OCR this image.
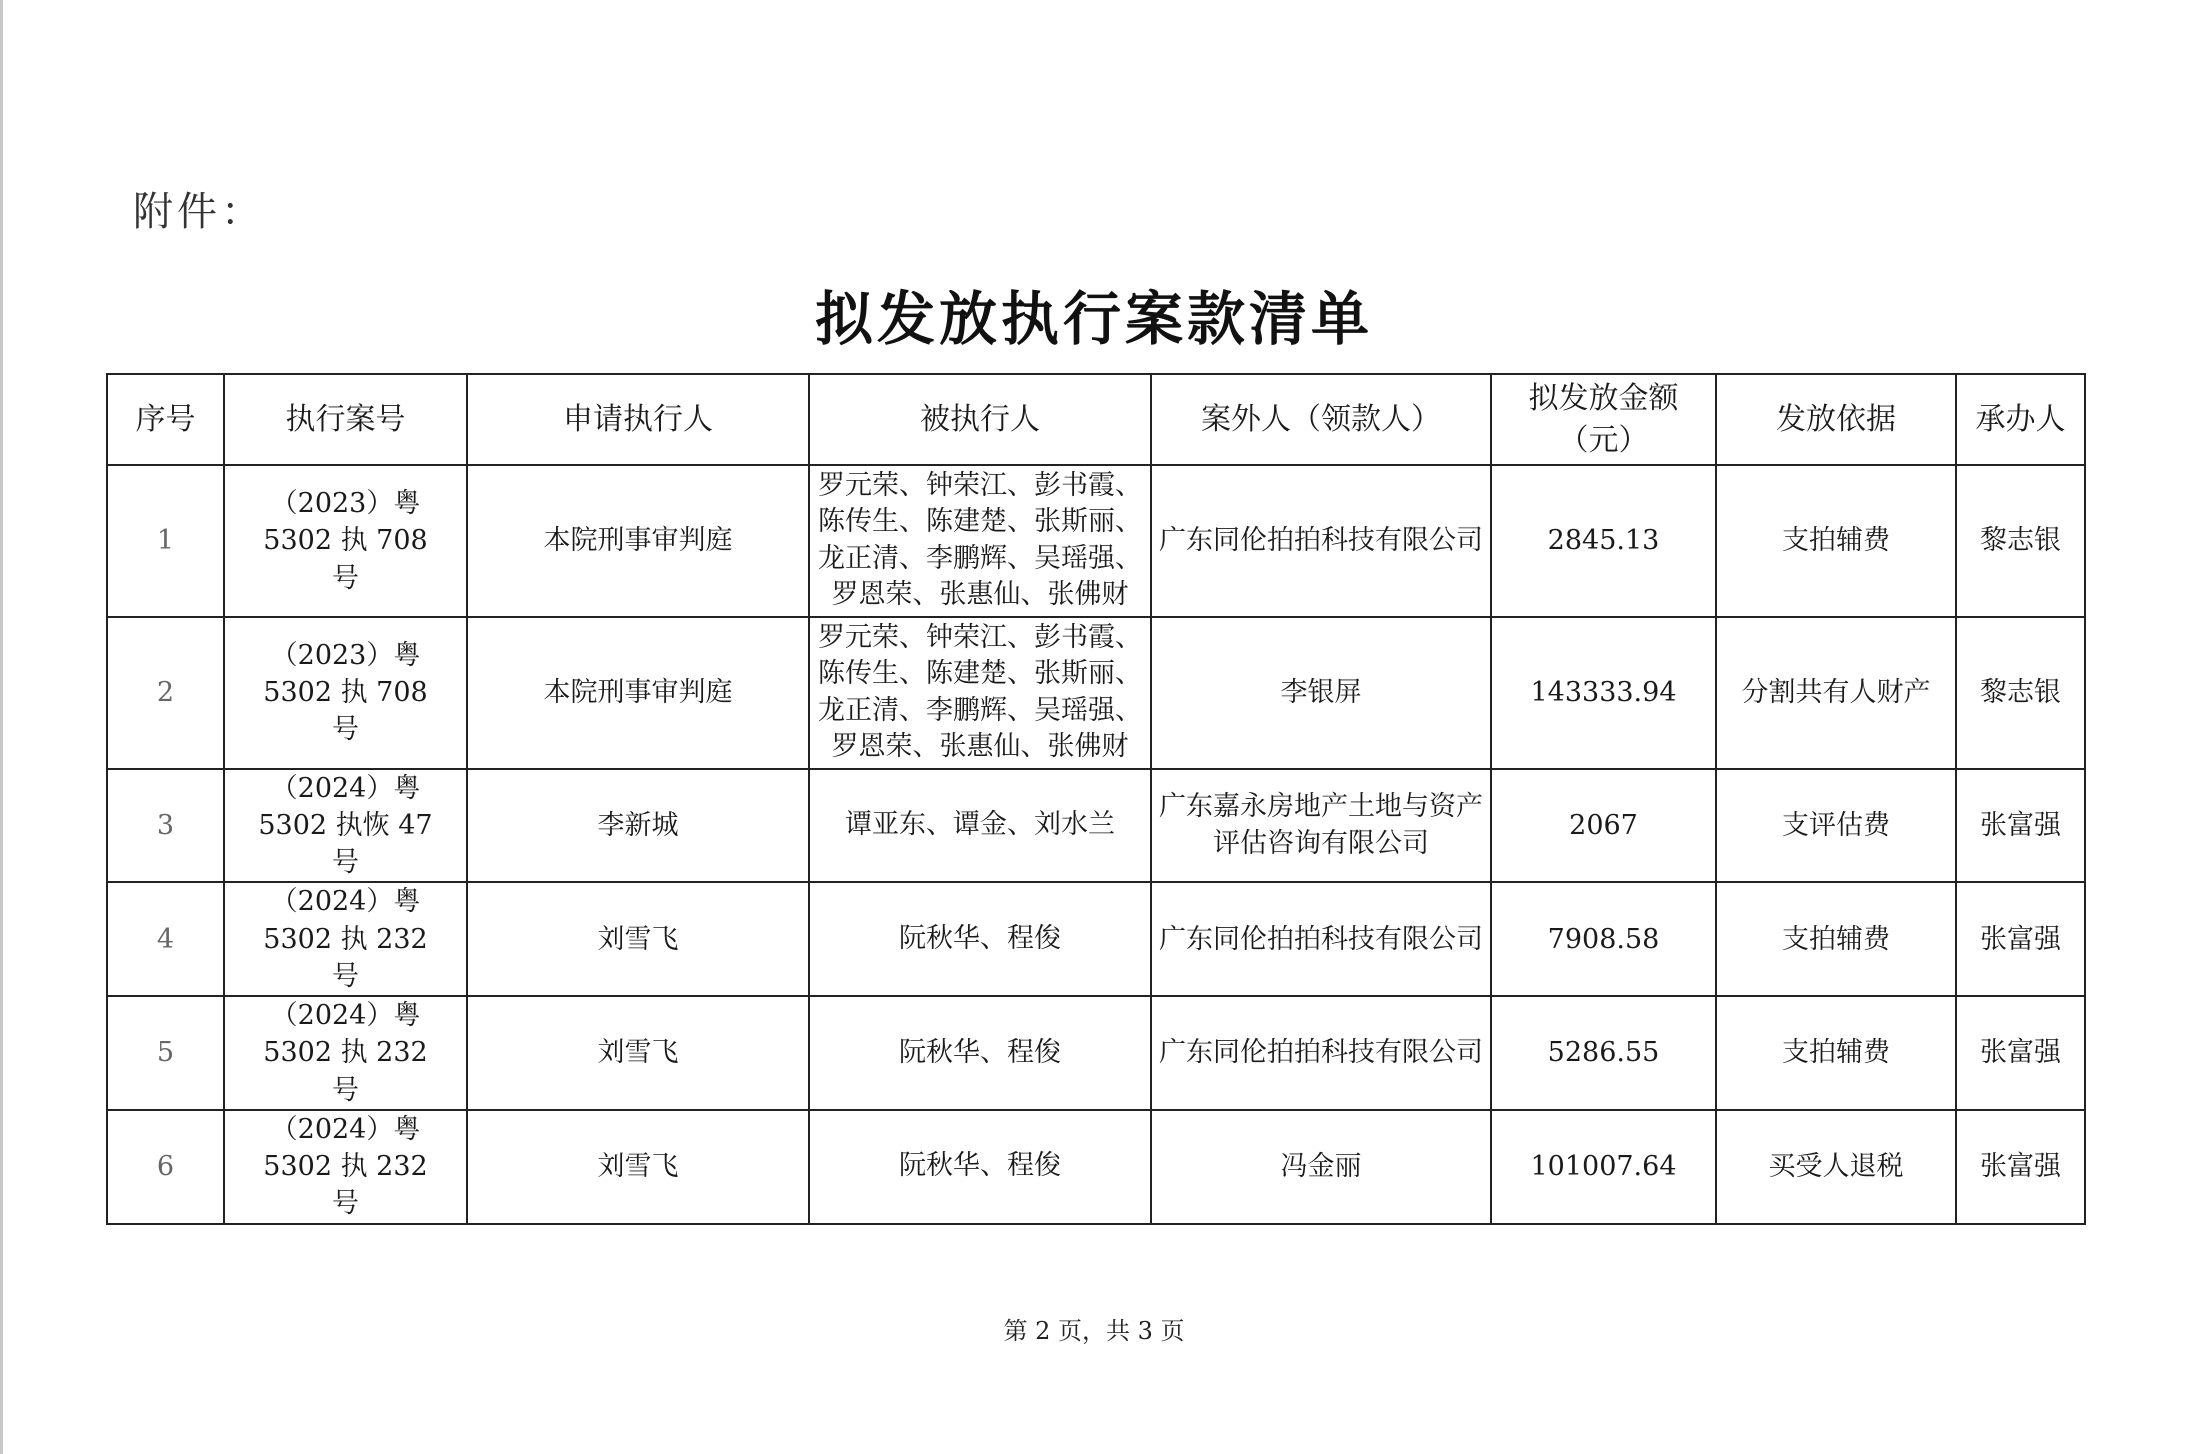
附件：
拟发放执行案款清单
序号	执行案号	申请执行人	被执行人	案外人（领款人）	拟发放金额（元）	发放依据	承办人
1	（2023）粤 5302 执 708 号	本院刑事审判庭	罗元荣、钟荣江、彭书霞、陈传生、陈建楚、张斯丽、龙正清、李鹏辉、吴瑶强、罗恩荣、张惠仙、张佛财	广东同伦拍拍科技有限公司	2845.13	支拍辅费	黎志银
2	（2023）粤 5302 执 708 号	本院刑事审判庭	罗元荣、钟荣江、彭书霞、陈传生、陈建楚、张斯丽、龙正清、李鹏辉、吴瑶强、罗恩荣、张惠仙、张佛财	李银屏	143333.94	分割共有人财产	黎志银
3	（2024）粤 5302 执恢 47 号	李新城	谭亚东、谭金、刘水兰	广东嘉永房地产土地与资产评估咨询有限公司	2067	支评估费	张富强
4	（2024）粤 5302 执 232 号	刘雪飞	阮秋华、程俊	广东同伦拍拍科技有限公司	7908.58	支拍辅费	张富强
5	（2024）粤 5302 执 232 号	刘雪飞	阮秋华、程俊	广东同伦拍拍科技有限公司	5286.55	支拍辅费	张富强
6	（2024）粤 5302 执 232 号	刘雪飞	阮秋华、程俊	冯金丽	101007.64	买受人退税	张富强
第 2 页，共 3 页
